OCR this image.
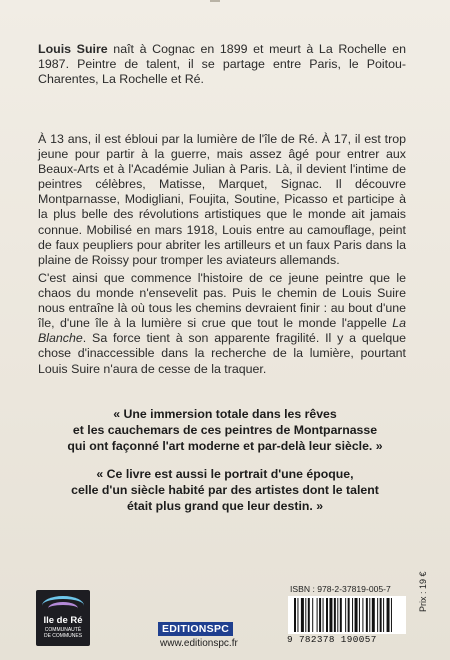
Louis Suire naît à Cognac en 1899 et meurt à La Rochelle en 1987. Peintre de talent, il se partage entre Paris, le Poitou-Charentes, La Rochelle et Ré.

À 13 ans, il est ébloui par la lumière de l'île de Ré. À 17, il est trop jeune pour partir à la guerre, mais assez âgé pour entrer aux Beaux-Arts et à l'Académie Julian à Paris. Là, il devient l'intime de peintres célèbres, Matisse, Marquet, Signac. Il découvre Montparnasse, Modigliani, Foujita, Soutine, Picasso et participe à la plus belle des révolutions artistiques que le monde ait jamais connue. Mobilisé en mars 1918, Louis entre au camouflage, peint de faux peupliers pour abriter les artilleurs et un faux Paris dans la plaine de Roissy pour tromper les aviateurs allemands.

C'est ainsi que commence l'histoire de ce jeune peintre que le chaos du monde n'ensevelit pas. Puis le chemin de Louis Suire nous entraîne là où tous les chemins devraient finir : au bout d'une île, d'une île à la lumière si crue que tout le monde l'appelle La Blanche. Sa force tient à son apparente fragilité. Il y a quelque chose d'inaccessible dans la recherche de la lumière, pourtant Louis Suire n'aura de cesse de la traquer.

« Une immersion totale dans les rêves
et les cauchemars de ces peintres de Montparnasse
qui ont façonné l'art moderne et par-delà leur siècle. »
« Ce livre est aussi le portrait d'une époque,
celle d'un siècle habité par des artistes dont le talent
était plus grand que leur destin. »
Ile de Ré
COMMUNAUTÉ
DE COMMUNES
EDITIONSPC
www.editionspc.fr
ISBN : 978-2-37819-005-7
9 782378 190057
Prix : 19 €
